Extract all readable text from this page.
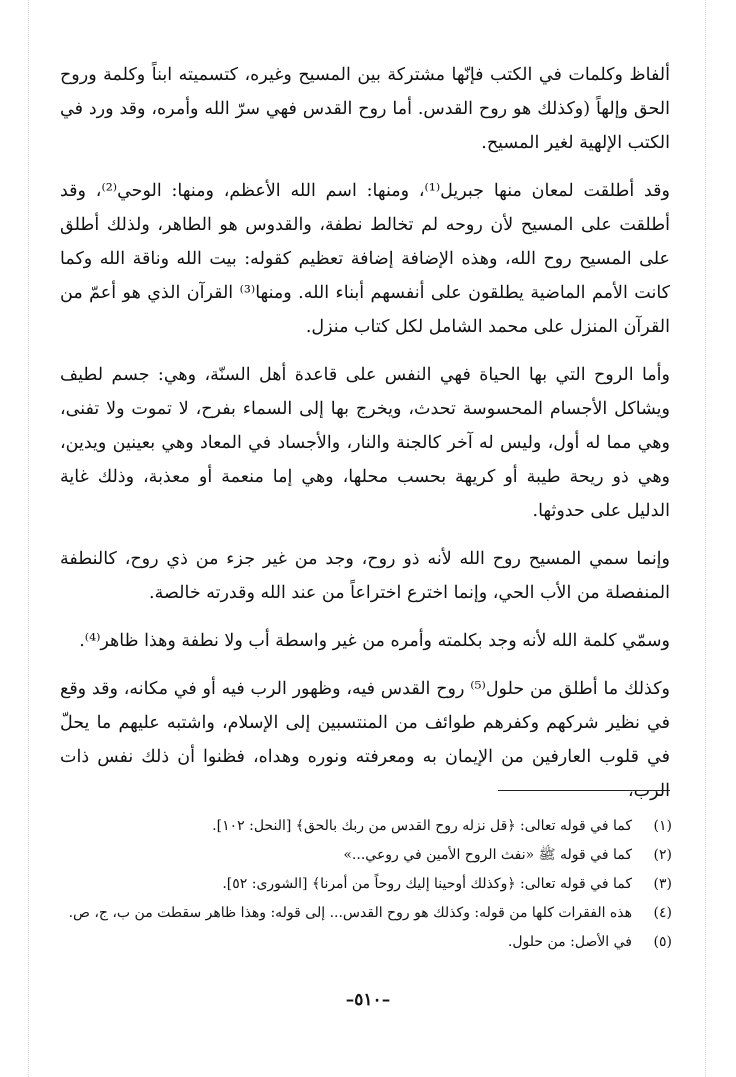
ألفاظ وكلمات في الكتب فإنّها مشتركة بين المسيح وغيره، كتسميته ابناً وكلمة وروح الحق وإلهاً (وكذلك هو روح القدس. أما روح القدس فهي سرّ الله وأمره، وقد ورد في الكتب الإلهية لغير المسيح.

وقد أطلقت لمعان منها جبريل⁽¹⁾، ومنها: اسم الله الأعظم، ومنها: الوحي⁽²⁾، وقد أطلقت على المسيح لأن روحه لم تخالط نطفة، والقدوس هو الطاهر، ولذلك أطلق على المسيح روح الله، وهذه الإضافة إضافة تعظيم كقوله: بيت الله وناقة الله وكما كانت الأمم الماضية يطلقون على أنفسهم أبناء الله. ومنها⁽³⁾ القرآن الذي هو أعمّ من القرآن المنزل على محمد الشامل لكل كتاب منزل.

وأما الروح التي بها الحياة فهي النفس على قاعدة أهل السنّة، وهي: جسم لطيف ويشاكل الأجسام المحسوسة تحدث، ويخرج بها إلى السماء بفرح، لا تموت ولا تفنى، وهي مما له أول، وليس له آخر كالجنة والنار، والأجساد في المعاد وهي بعينين ويدين، وهي ذو ريحة طيبة أو كريهة بحسب محلها، وهي إما منعمة أو معذبة، وذلك غاية الدليل على حدوثها.

وإنما سمي المسيح روح الله لأنه ذو روح، وجد من غير جزء من ذي روح، كالنطفة المنفصلة من الأب الحي، وإنما اخترع اختراعاً من عند الله وقدرته خالصة.

وسمّي كلمة الله لأنه وجد بكلمته وأمره من غير واسطة أب ولا نطفة وهذا ظاهر⁽⁴⁾.

وكذلك ما أطلق من حلول⁽⁵⁾ روح القدس فيه، وظهور الرب فيه أو في مكانه، وقد وقع في نظير شركهم وكفرهم طوائف من المنتسبين إلى الإسلام، واشتبه عليهم ما يحلّ في قلوب العارفين من الإيمان به ومعرفته ونوره وهداه، فظنوا أن ذلك نفس ذات الرب،

(١)
كما في قوله تعالى: ﴿قل نزله روح القدس من ربك بالحق﴾ [النحل: ١٠٢].
(٢)
كما في قوله ﷺ «نفث الروح الأمين في روعي...»
(٣)
كما في قوله تعالى: ﴿وكذلك أوحينا إليك روحاً من أمرنا﴾ [الشورى: ٥٢].
(٤)
هذه الفقرات كلها من قوله: وكذلك هو روح القدس... إلى قوله: وهذا ظاهر سقطت من ب، ج، ص.
(٥)
في الأصل: من حلول.
–٥١٠–
